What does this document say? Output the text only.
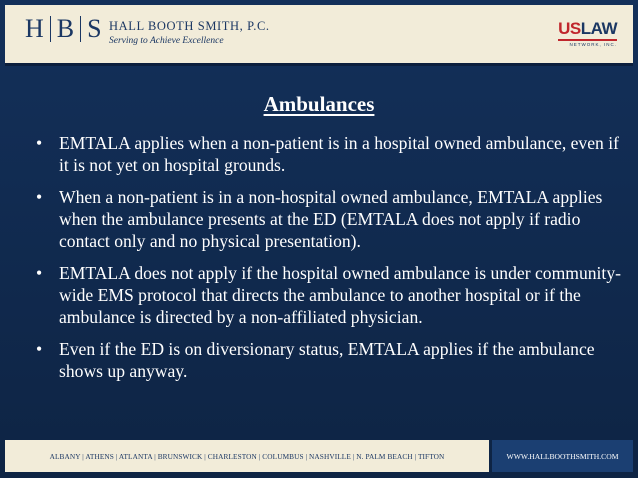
H B S HALL BOOTH SMITH, P.C.
Serving to Achieve Excellence
USLAW
NETWORK, INC.
Ambulances
• EMTALA applies when a non-patient is in a hospital owned ambulance, even if it is not yet on hospital grounds.
• When a non-patient is in a non-hospital owned ambulance, EMTALA applies when the ambulance presents at the ED (EMTALA does not apply if radio contact only and no physical presentation).
• EMTALA does not apply if the hospital owned ambulance is under community-wide EMS protocol that directs the ambulance to another hospital or if the ambulance is directed by a non-affiliated physician.
• Even if the ED is on diversionary status, EMTALA applies if the ambulance shows up anyway.
ALBANY | ATHENS | ATLANTA | BRUNSWICK | CHARLESTON | COLUMBUS | NASHVILLE | N. PALM BEACH | TIFTON	WWW.HALLBOOTHSMITH.COM
